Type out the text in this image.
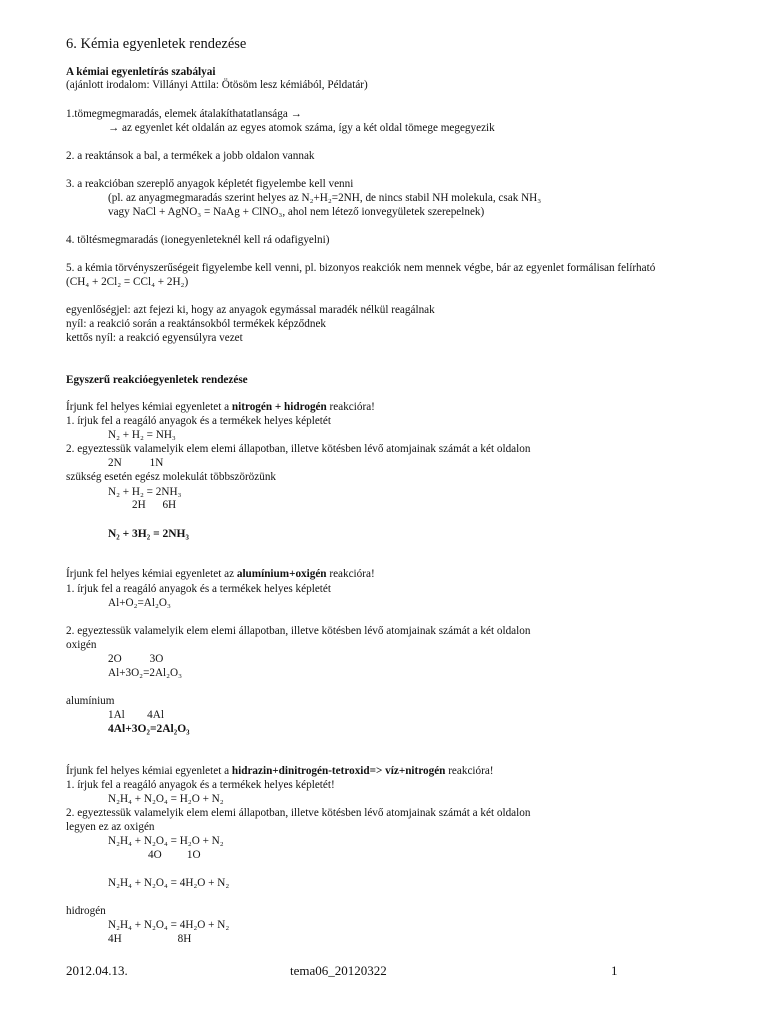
6. Kémia egyenletek rendezése
A kémiai egyenletírás szabályai
(ajánlott irodalom: Villányi Attila: Ötösöm lesz kémiából, Példatár)
1.tömegmegmaradás, elemek átalakíthatatlansága →
→ az egyenlet két oldalán az egyes atomok száma, így a két oldal tömege megegyezik
2. a reaktánsok a bal, a termékek a jobb oldalon vannak
3. a reakcióban szereplő anyagok képletét figyelembe kell venni
(pl. az anyagmegmaradás szerint helyes az N₂+H₂=2NH, de nincs stabil NH molekula, csak NH₃
vagy NaCl + AgNO₃ = NaAg + ClNO₃, ahol nem létező ionvegyületek szerepelnek)
4. töltésmegmaradás (ionegyenleteknél kell rá odafigyelni)
5. a kémia törvényszerűségeit figyelembe kell venni, pl. bizonyos reakciók nem mennek végbe, bár az egyenlet formálisan felírható
(CH₄ + 2Cl₂ = CCl₄ + 2H₂)
egyenlőségjel: azt fejezi ki, hogy az anyagok egymással maradék nélkül reagálnak
nyíl: a reakció során a reaktánsokból termékek képződnek
kettős nyíl: a reakció egyensúlyra vezet
Egyszerű reakcióegyenletek rendezése
Írjunk fel helyes kémiai egyenletet a nitrogén + hidrogén reakcióra!
1. írjuk fel a reagáló anyagok és a termékek helyes képletét
N₂ + H₂ = NH₃
2. egyeztessük valamelyik elem elemi állapotban, illetve kötésben lévő atomjainak számát a két oldalon
2N          1N
szükség esetén egész molekulát többszörözünk
N₂ + H₂ = 2NH₃
2H      6H
N₂ + 3H₂ = 2NH₃
Írjunk fel helyes kémiai egyenletet az alumínium+oxigén reakcióra!
1. írjuk fel a reagáló anyagok és a termékek helyes képletét
Al+O₂=Al₂O₃
2. egyeztessük valamelyik elem elemi állapotban, illetve kötésben lévő atomjainak számát a két oldalon
oxigén
2O          3O
Al+3O₂=2Al₂O₃
alumínium
1Al        4Al
4Al+3O₂=2Al₂O₃
Írjunk fel helyes kémiai egyenletet a hidrazin+dinitrogén-tetroxid=> víz+nitrogén reakcióra!
1. írjuk fel a reagáló anyagok és a termékek helyes képletét!
N₂H₄ + N₂O₄ = H₂O + N₂
2. egyeztessük valamelyik elem elemi állapotban, illetve kötésben lévő atomjainak számát a két oldalon
legyen ez az oxigén
N₂H₄ + N₂O₄ = H₂O + N₂
4O         1O
N₂H₄ + N₂O₄ = 4H₂O + N₂
hidrogén
N₂H₄ + N₂O₄ = 4H₂O + N₂
4H                    8H
2012.04.13.	tema06_20120322	1
